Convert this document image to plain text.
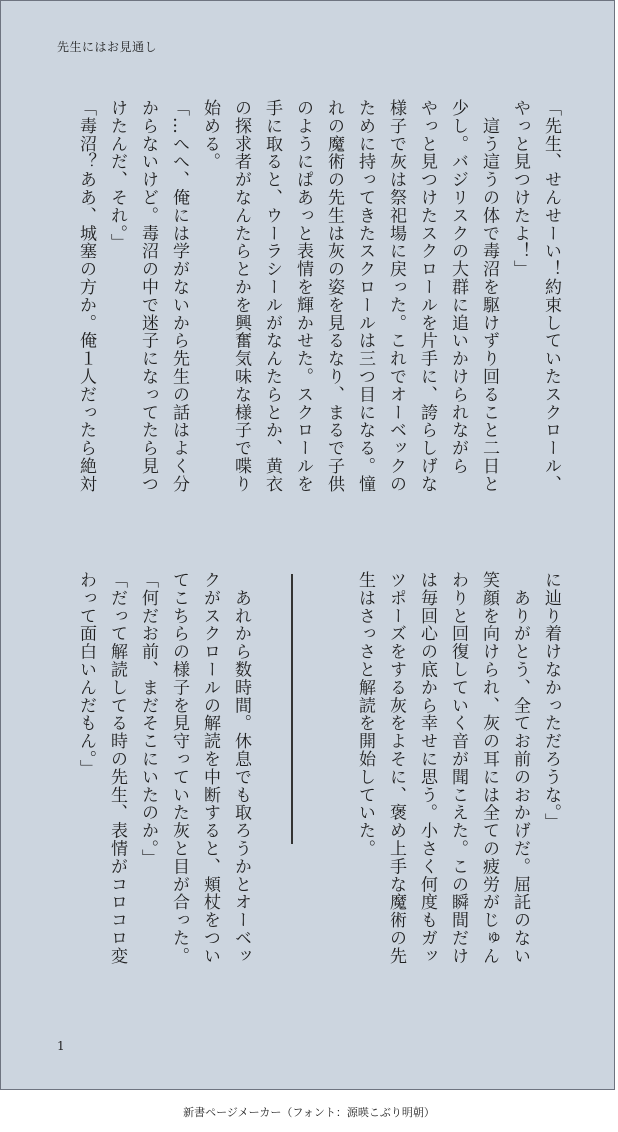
先生にはお見通し
「先生、せんせーい！約束していたスクロール、
やっと見つけたよ！」
　這う這うの体で毒沼を駆けずり回ること二日と
少し。バジリスクの大群に追いかけられながら
やっと見つけたスクロールを片手に、誇らしげな
様子で灰は祭祀場に戻った。これでオーベックの
ために持ってきたスクロールは三つ目になる。憧
れの魔術の先生は灰の姿を見るなり、まるで子供
のようにぱあっと表情を輝かせた。スクロールを
手に取ると、ウーラシールがなんたらとか、黄衣
の探求者がなんたらとかを興奮気味な様子で喋り
始める。
「…へへ、俺には学がないから先生の話はよく分
からないけど。毒沼の中で迷子になってたら見つ
けたんだ、それ。」
「毒沼？ああ、城塞の方か。俺１人だったら絶対
に辿り着けなかっただろうな。」
　ありがとう、全てお前のおかげだ。屈託のない
笑顔を向けられ、灰の耳には全ての疲労がじゅん
わりと回復していく音が聞こえた。この瞬間だけ
は毎回心の底から幸せに思う。小さく何度もガッ
ツポーズをする灰をよそに、褒め上手な魔術の先
生はさっさと解読を開始していた。

　あれから数時間。休息でも取ろうかとオーベッ
クがスクロールの解読を中断すると、頬杖をつい
てこちらの様子を見守っていた灰と目が合った。
「何だお前、まだそこにいたのか。」
「だって解読してる時の先生、表情がコロコロ変
わって面白いんだもん。」
1
新書ページメーカー（フォント：源暎こぶり明朝）
